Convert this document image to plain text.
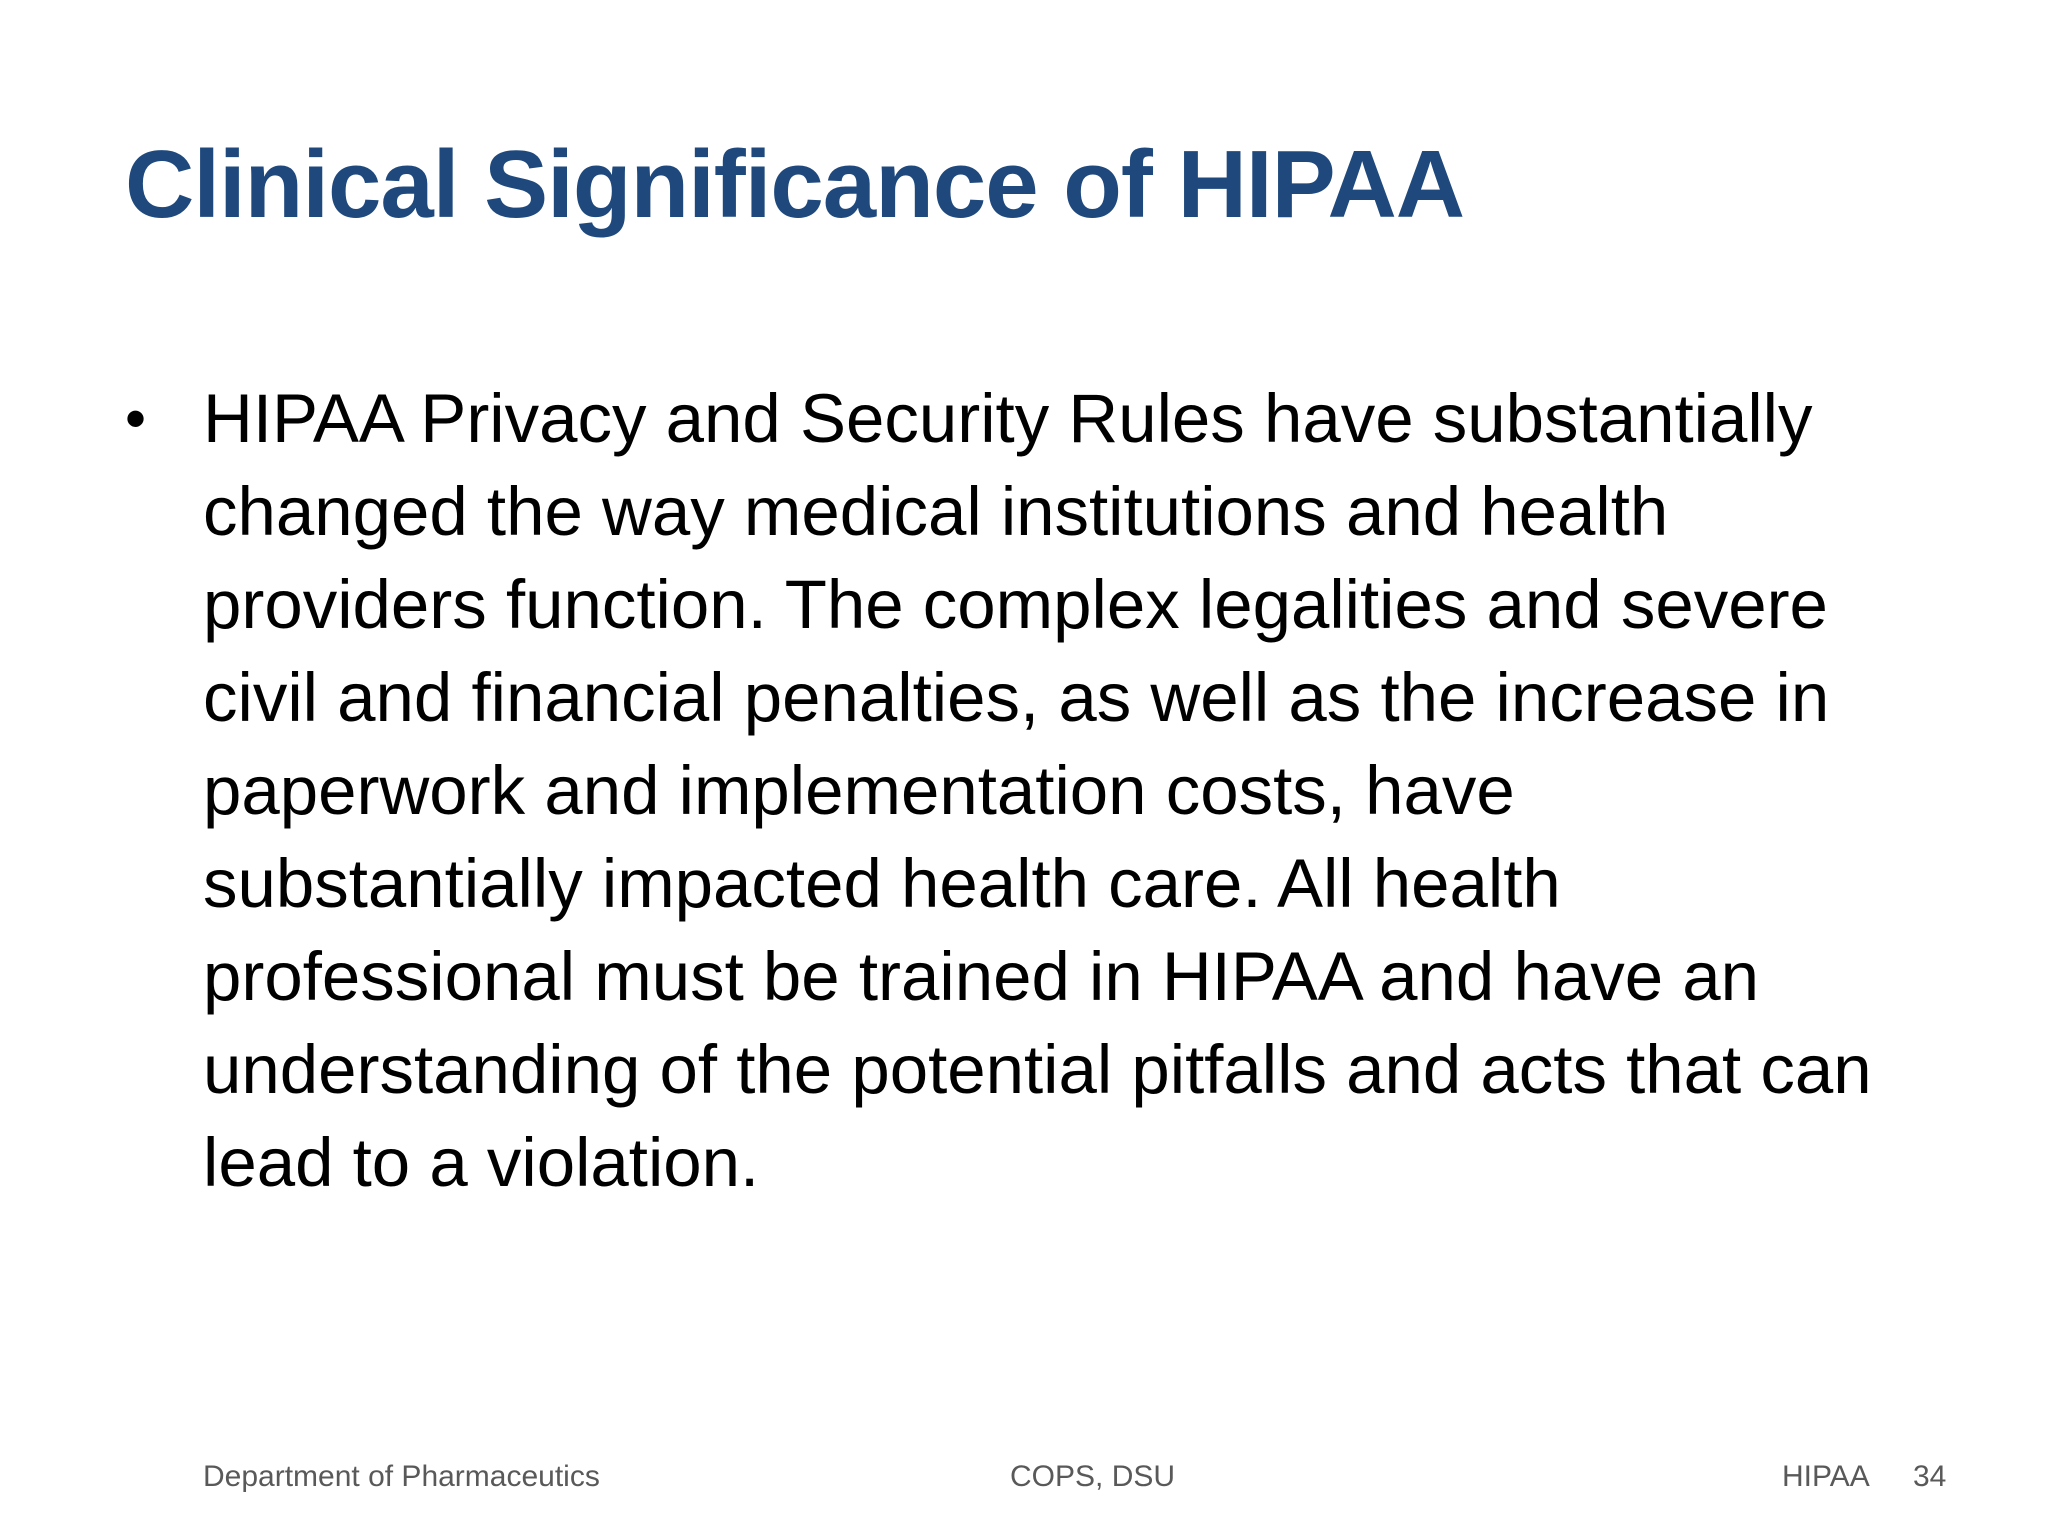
Clinical Significance of HIPAA
• HIPAA Privacy and Security Rules have substantially changed the way medical institutions and health providers function. The complex legalities and severe civil and financial penalties, as well as the increase in paperwork and implementation costs, have substantially impacted health care. All health professional must be trained in HIPAA and have an understanding of the potential pitfalls and acts that can lead to a violation.
Department of Pharmaceutics	COPS, DSU	HIPAA 34
